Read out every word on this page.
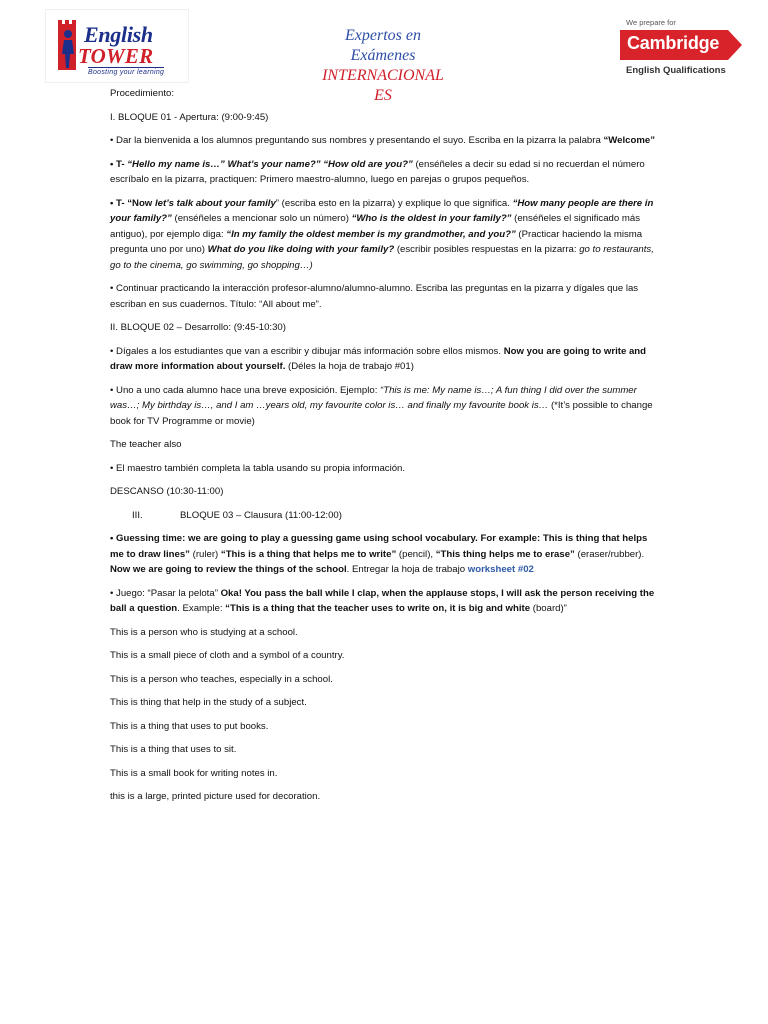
English
TOWER
Boosting your learning
Expertos en
Exámenes
INTERNACIONAL
ES
We prepare for
Cambridge
English Qualifications

Procedimiento:

I. BLOQUE 01 - Apertura: (9:00-9:45)

• Dar la bienvenida a los alumnos preguntando sus nombres y presentando el suyo. Escriba en la pizarra la palabra “Welcome”

• T- “Hello my name is…” What’s your name?” “How old are you?” (enséñeles a decir su edad si no recuerdan el número escríbalo en la pizarra, practiquen: Primero maestro-alumno, luego en parejas o grupos pequeños.

• T- “Now let’s talk about your family” (escriba esto en la pizarra) y explique lo que significa. “How many people are there in your family?” (enséñeles a mencionar solo un número) “Who is the oldest in your family?” (enséñeles el significado más antiguo), por ejemplo diga: “In my family the oldest member is my grandmother, and you?” (Practicar haciendo la misma pregunta uno por uno) What do you like doing with your family? (escribir posibles respuestas en la pizarra: go to restaurants, go to the cinema, go swimming, go shopping…)

• Continuar practicando la interacción profesor-alumno/alumno-alumno. Escriba las preguntas en la pizarra y dígales que las escriban en sus cuadernos. Título: “All about me”.

II. BLOQUE 02 – Desarrollo: (9:45-10:30)

• Dígales a los estudiantes que van a escribir y dibujar más información sobre ellos mismos. Now you are going to write and draw more information about yourself. (Déles la hoja de trabajo #01)

• Uno a uno cada alumno hace una breve exposición. Ejemplo: “This is me: My name is…; A fun thing I did over the summer was…; My birthday is…, and I am …years old, my favourite color is… and finally my favourite book is… (*It’s possible to change book for TV Programme or movie)

The teacher also

• El maestro también completa la tabla usando su propia información.

DESCANSO (10:30-11:00)

III.	BLOQUE 03 – Clausura (11:00-12:00)

• Guessing time: we are going to play a guessing game using school vocabulary. For example: This is thing that helps me to draw lines” (ruler) “This is a thing that helps me to write” (pencil), “This thing helps me to erase” (eraser/rubber). Now we are going to review the things of the school. Entregar la hoja de trabajo worksheet #02

• Juego: “Pasar la pelota” Oka! You pass the ball while I clap, when the applause stops, I will ask the person receiving the ball a question. Example: “This is a thing that the teacher uses to write on, it is big and white (board)”

This is a person who is studying at a school.

This is a small piece of cloth and a symbol of a country.

This is a person who teaches, especially in a school.

This is thing that help in the study of a subject.

This is a thing that uses to put books.

This is a thing that uses to sit.

This is a small book for writing notes in.

this is a large, printed picture used for decoration.
